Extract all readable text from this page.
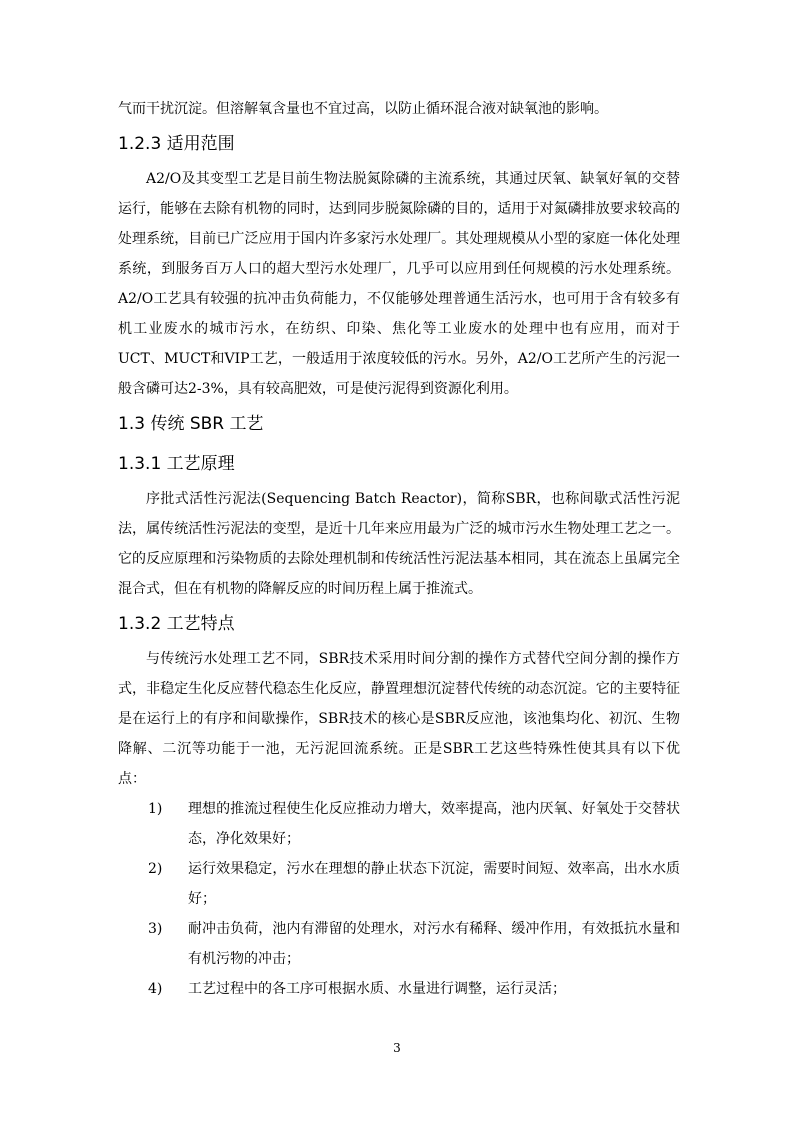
气而干扰沉淀。但溶解氧含量也不宜过高，以防止循环混合液对缺氧池的影响。

1.2.3 适用范围

A2/O及其变型工艺是目前生物法脱氮除磷的主流系统，其通过厌氧、缺氧好氧的交替运行，能够在去除有机物的同时，达到同步脱氮除磷的目的，适用于对氮磷排放要求较高的处理系统，目前已广泛应用于国内许多家污水处理厂。其处理规模从小型的家庭一体化处理系统，到服务百万人口的超大型污水处理厂，几乎可以应用到任何规模的污水处理系统。A2/O工艺具有较强的抗冲击负荷能力，不仅能够处理普通生活污水，也可用于含有较多有机工业废水的城市污水，在纺织、印染、焦化等工业废水的处理中也有应用，而对于UCT、MUCT和VIP工艺，一般适用于浓度较低的污水。另外，A2/O工艺所产生的污泥一般含磷可达2-3%，具有较高肥效，可是使污泥得到资源化利用。

1.3 传统 SBR 工艺
1.3.1 工艺原理

序批式活性污泥法(Sequencing Batch Reactor)，简称SBR，也称间歇式活性污泥法，属传统活性污泥法的变型，是近十几年来应用最为广泛的城市污水生物处理工艺之一。它的反应原理和污染物质的去除处理机制和传统活性污泥法基本相同，其在流态上虽属完全混合式，但在有机物的降解反应的时间历程上属于推流式。

1.3.2 工艺特点

与传统污水处理工艺不同，SBR技术采用时间分割的操作方式替代空间分割的操作方式，非稳定生化反应替代稳态生化反应，静置理想沉淀替代传统的动态沉淀。它的主要特征是在运行上的有序和间歇操作，SBR技术的核心是SBR反应池，该池集均化、初沉、生物降解、二沉等功能于一池，无污泥回流系统。正是SBR工艺这些特殊性使其具有以下优点：

1)	理想的推流过程使生化反应推动力增大，效率提高，池内厌氧、好氧处于交替状态，净化效果好；
2)	运行效果稳定，污水在理想的静止状态下沉淀，需要时间短、效率高，出水水质好；
3)	耐冲击负荷，池内有滞留的处理水，对污水有稀释、缓冲作用，有效抵抗水量和有机污物的冲击；
4)	工艺过程中的各工序可根据水质、水量进行调整，运行灵活；
3
